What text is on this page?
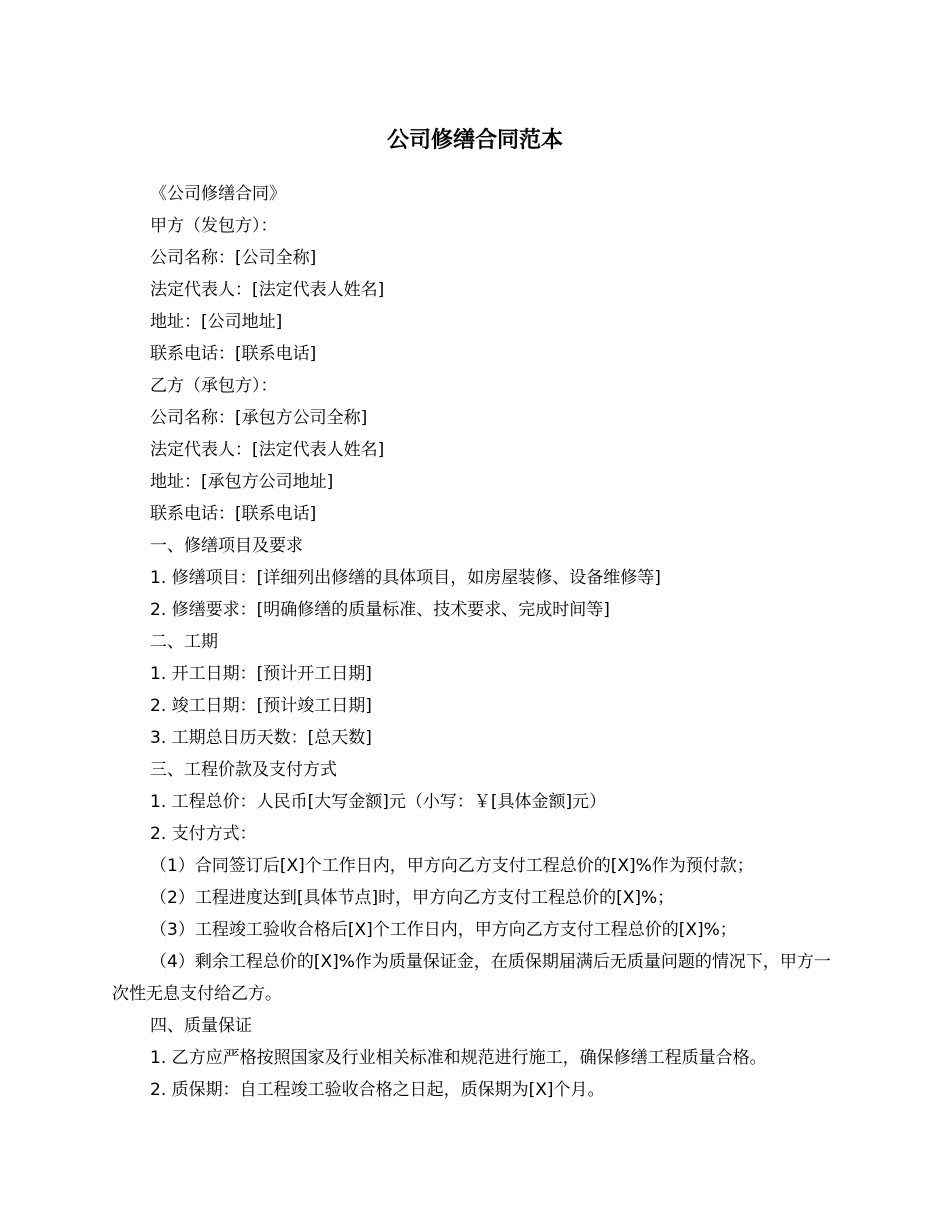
公司修缮合同范本

《公司修缮合同》

甲方（发包方）：

公司名称：[公司全称]

法定代表人：[法定代表人姓名]

地址：[公司地址]

联系电话：[联系电话]

乙方（承包方）：

公司名称：[承包方公司全称]

法定代表人：[法定代表人姓名]

地址：[承包方公司地址]

联系电话：[联系电话]

一、修缮项目及要求

1. 修缮项目：[详细列出修缮的具体项目，如房屋装修、设备维修等]

2. 修缮要求：[明确修缮的质量标准、技术要求、完成时间等]

二、工期

1. 开工日期：[预计开工日期]

2. 竣工日期：[预计竣工日期]

3. 工期总日历天数：[总天数]

三、工程价款及支付方式

1. 工程总价：人民币[大写金额]元（小写：￥[具体金额]元）

2. 支付方式：

（1）合同签订后[X]个工作日内，甲方向乙方支付工程总价的[X]%作为预付款；

（2）工程进度达到[具体节点]时，甲方向乙方支付工程总价的[X]%；

（3）工程竣工验收合格后[X]个工作日内，甲方向乙方支付工程总价的[X]%；

（4）剩余工程总价的[X]%作为质量保证金，在质保期届满后无质量问题的情况下，甲方一次性无息支付给乙方。

四、质量保证

1. 乙方应严格按照国家及行业相关标准和规范进行施工，确保修缮工程质量合格。

2. 质保期：自工程竣工验收合格之日起，质保期为[X]个月。
